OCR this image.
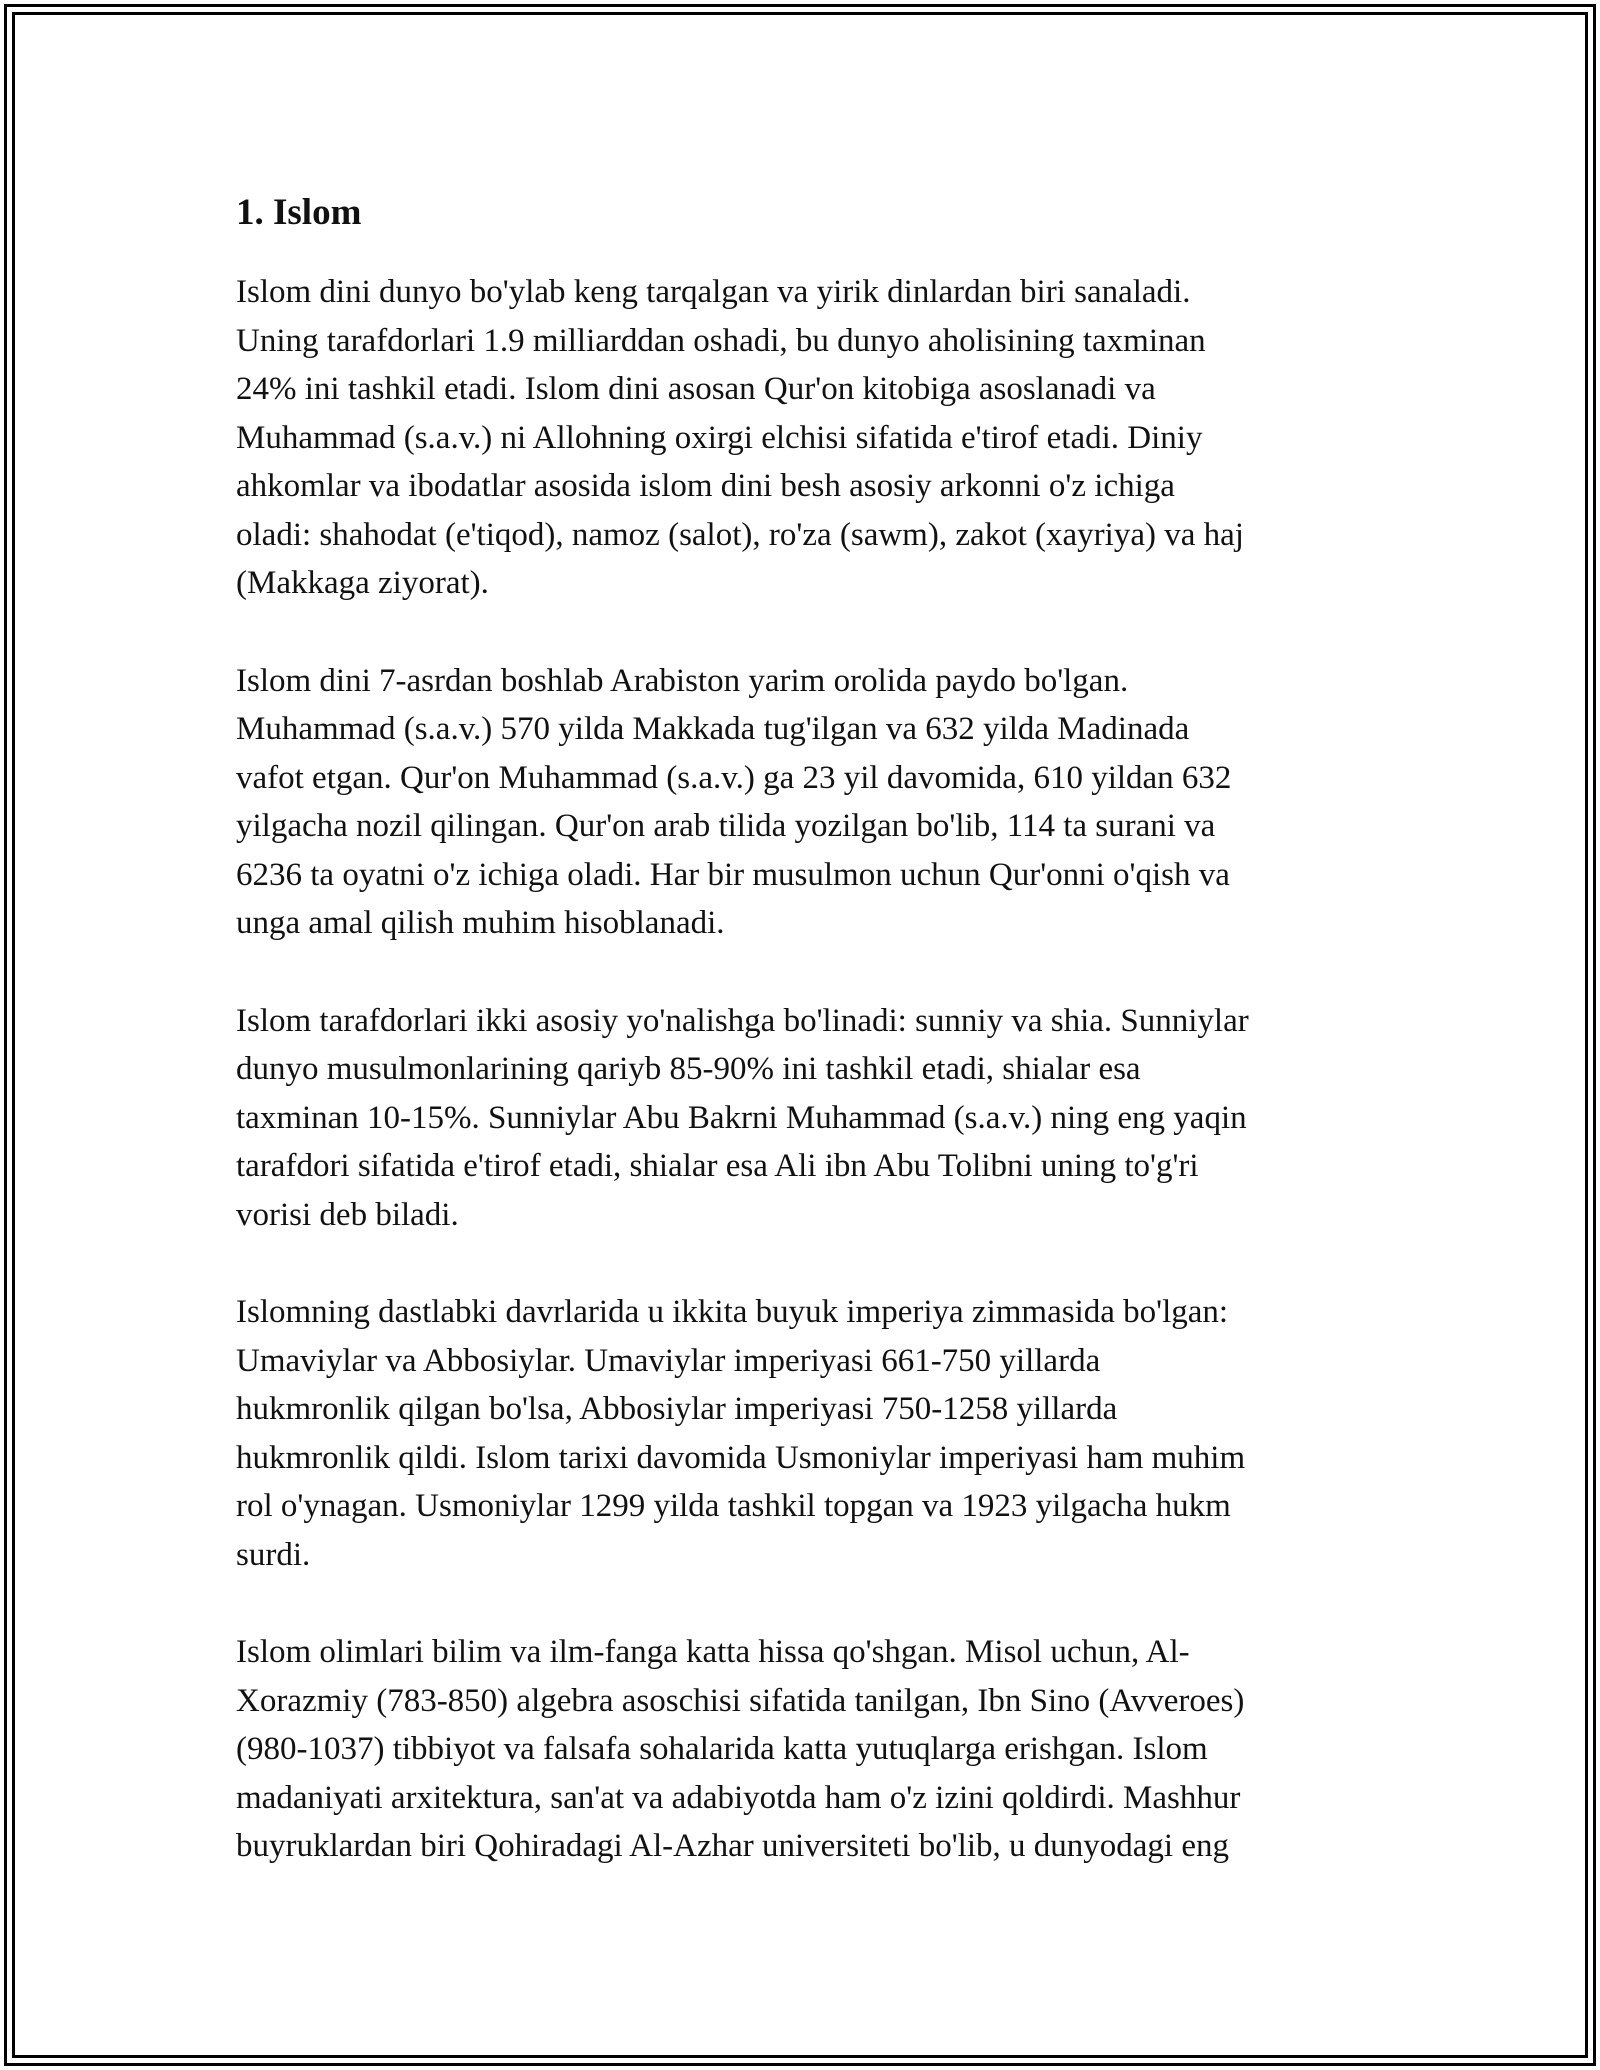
1. Islom

Islom dini dunyo bo'ylab keng tarqalgan va yirik dinlardan biri sanaladi.
Uning tarafdorlari 1.9 milliarddan oshadi, bu dunyo aholisining taxminan
24% ini tashkil etadi. Islom dini asosan Qur'on kitobiga asoslanadi va
Muhammad (s.a.v.) ni Allohning oxirgi elchisi sifatida e'tirof etadi. Diniy
ahkomlar va ibodatlar asosida islom dini besh asosiy arkonni o'z ichiga
oladi: shahodat (e'tiqod), namoz (salot), ro'za (sawm), zakot (xayriya) va haj
(Makkaga ziyorat).

Islom dini 7-asrdan boshlab Arabiston yarim orolida paydo bo'lgan.
Muhammad (s.a.v.) 570 yilda Makkada tug'ilgan va 632 yilda Madinada
vafot etgan. Qur'on Muhammad (s.a.v.) ga 23 yil davomida, 610 yildan 632
yilgacha nozil qilingan. Qur'on arab tilida yozilgan bo'lib, 114 ta surani va
6236 ta oyatni o'z ichiga oladi. Har bir musulmon uchun Qur'onni o'qish va
unga amal qilish muhim hisoblanadi.

Islom tarafdorlari ikki asosiy yo'nalishga bo'linadi: sunniy va shia. Sunniylar
dunyo musulmonlarining qariyb 85-90% ini tashkil etadi, shialar esa
taxminan 10-15%. Sunniylar Abu Bakrni Muhammad (s.a.v.) ning eng yaqin
tarafdori sifatida e'tirof etadi, shialar esa Ali ibn Abu Tolibni uning to'g'ri
vorisi deb biladi.

Islomning dastlabki davrlarida u ikkita buyuk imperiya zimmasida bo'lgan:
Umaviylar va Abbosiylar. Umaviylar imperiyasi 661-750 yillarda
hukmronlik qilgan bo'lsa, Abbosiylar imperiyasi 750-1258 yillarda
hukmronlik qildi. Islom tarixi davomida Usmoniylar imperiyasi ham muhim
rol o'ynagan. Usmoniylar 1299 yilda tashkil topgan va 1923 yilgacha hukm
surdi.

Islom olimlari bilim va ilm-fanga katta hissa qo'shgan. Misol uchun, Al-
Xorazmiy (783-850) algebra asoschisi sifatida tanilgan, Ibn Sino (Avveroes)
(980-1037) tibbiyot va falsafa sohalarida katta yutuqlarga erishgan. Islom
madaniyati arxitektura, san'at va adabiyotda ham o'z izini qoldirdi. Mashhur
buyruklardan biri Qohiradagi Al-Azhar universiteti bo'lib, u dunyodagi eng
